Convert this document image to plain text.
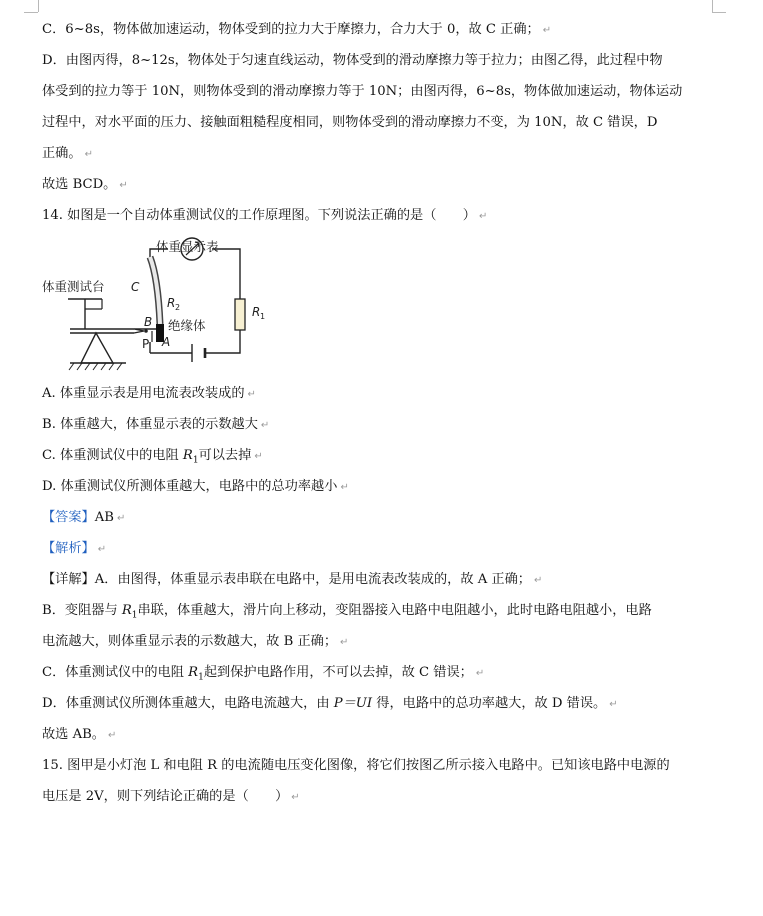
C．6~8s，物体做加速运动，物体受到的拉力大于摩擦力，合力大于 0，故 C 正确； ↵
D．由图丙得，8~12s，物体处于匀速直线运动，物体受到的滑动摩擦力等于拉力；由图乙得，此过程中物
体受到的拉力等于 10N，则物体受到的滑动摩擦力等于 10N；由图丙得，6~8s，物体做加速运动，物体运动
过程中，对水平面的压力、接触面粗糙程度相同，则物体受到的滑动摩擦力不变，为 10N，故 C 错误，D
正确。 ↵
故选 BCD。 ↵
14. 如图是一个自动体重测试仪的工作原理图。下列说法正确的是（　　） ↵
体重显示表
体重测试台 C
B
A
P
绝缘体
R 2	R 1
A. 体重显示表是用电流表改装成的 ↵
B. 体重越大，体重显示表的示数越大 ↵
C. 体重测试仪中的电阻 $R_1$可以去掉 ↵
D. 体重测试仪所测体重越大，电路中的总功率越小 ↵
【答案】AB ↵
【解析】 ↵
【详解】A．由图得，体重显示表串联在电路中，是用电流表改装成的，故 A 正确； ↵
B．变阻器与 $R_1$串联，体重越大，滑片向上移动，变阻器接入电路中电阻越小，此时电路电阻越小，电路
电流越大，则体重显示表的示数越大，故 B 正确； ↵
C．体重测试仪中的电阻 $R_1$起到保护电路作用，不可以去掉，故 C 错误； ↵
D．体重测试仪所测体重越大，电路电流越大，由 P＝UI 得，电路中的总功率越大，故 D 错误。 ↵
故选 AB。 ↵
15. 图甲是小灯泡 L 和电阻 R 的电流随电压变化图像，将它们按图乙所示接入电路中。已知该电路中电源的
电压是 2V，则下列结论正确的是（　　） ↵
